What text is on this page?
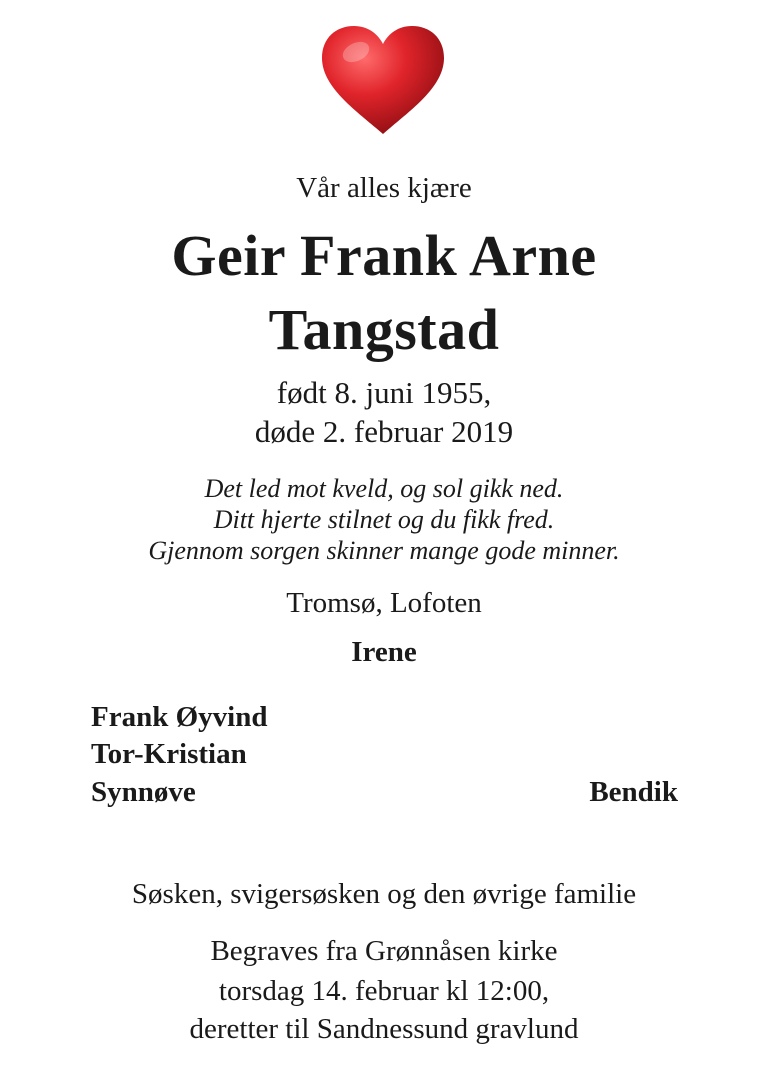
Vår alles kjære
Geir Frank Arne
Tangstad
født 8. juni 1955,
døde 2. februar 2019
Det led mot kveld, og sol gikk ned.
Ditt hjerte stilnet og du fikk fred.
Gjennom sorgen skinner mange gode minner.
Tromsø, Lofoten
Irene
Frank Øyvind
Tor-Kristian
Synnøve	Bendik
Søsken, svigersøsken og den øvrige familie
Begraves fra Grønnåsen kirke
torsdag 14. februar kl 12:00,
deretter til Sandnessund gravlund
